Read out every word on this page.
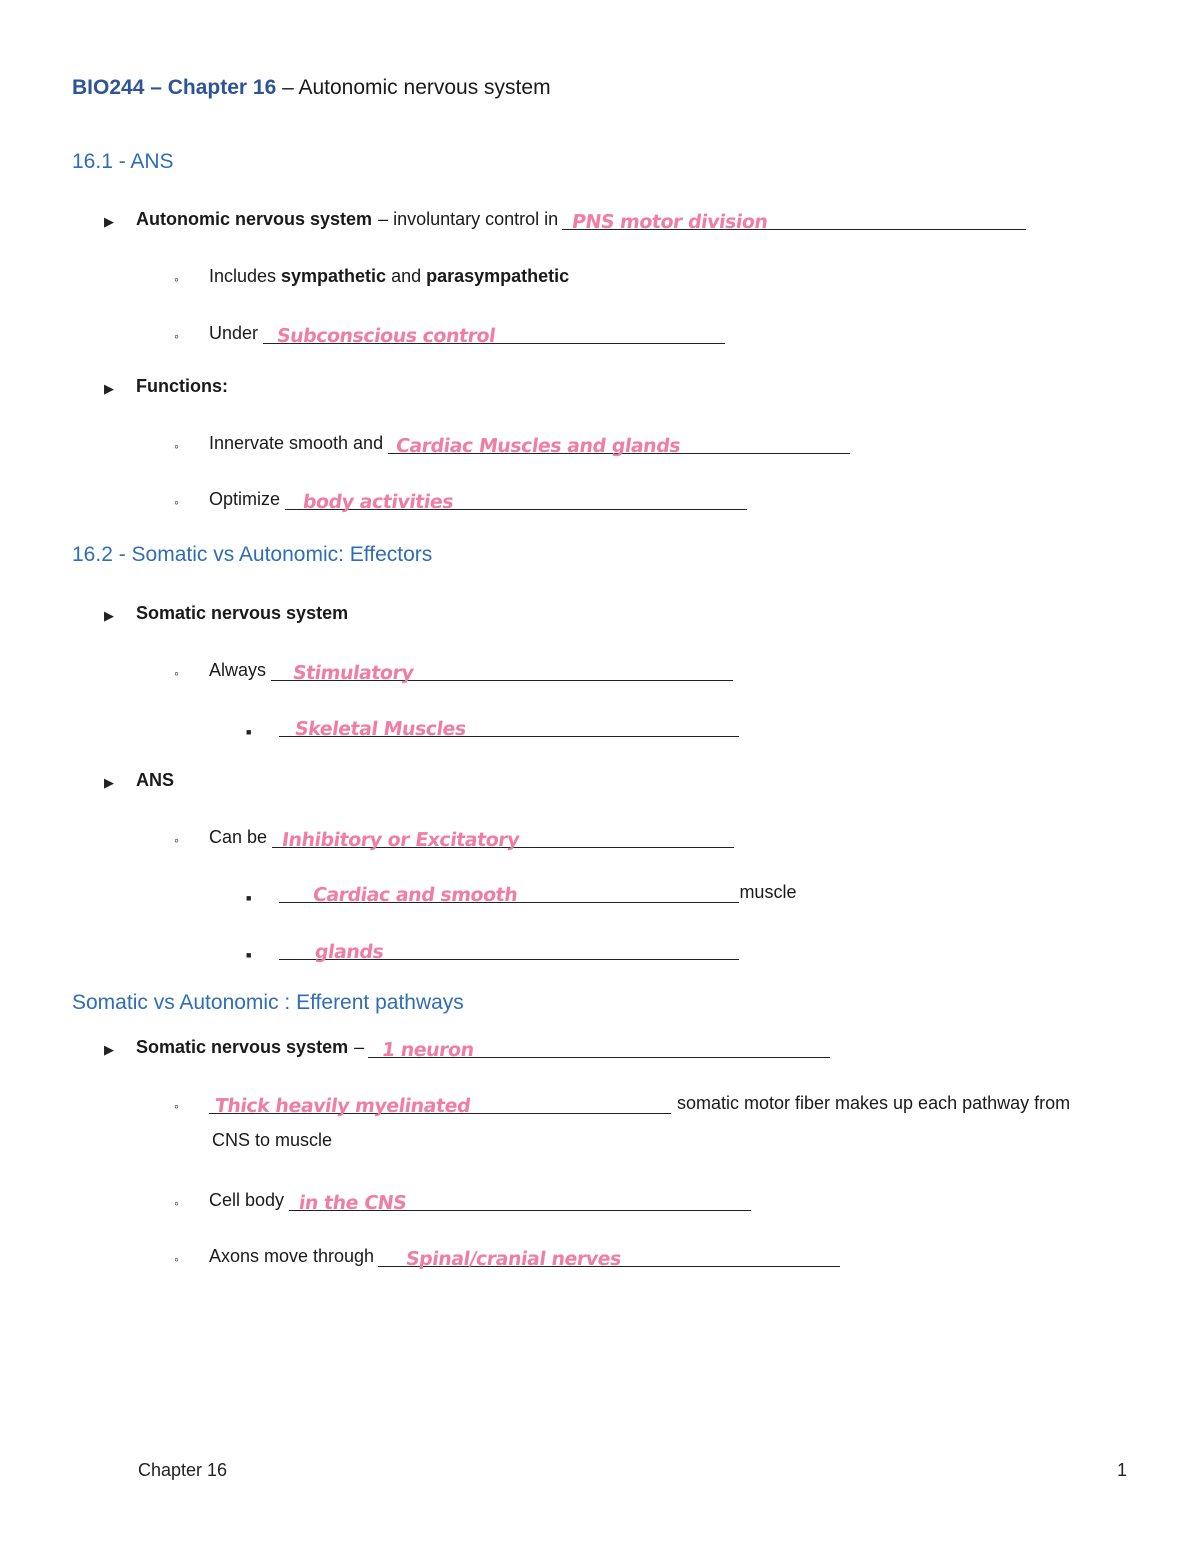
BIO244 – Chapter 16 – Autonomic nervous system
16.1 - ANS
▶ Autonomic nervous system – involuntary control in PNS motor division
◦ Includes sympathetic and parasympathetic
◦ Under Subconscious control
▶ Functions:
◦ Innervate smooth and Cardiac Muscles and glands
◦ Optimize body activities
16.2 - Somatic vs Autonomic: Effectors
▶ Somatic nervous system
◦ Always Stimulatory
■ Skeletal Muscles
▶ ANS
◦ Can be Inhibitory or Excitatory
■	Cardiac and smooth	muscle
■	glands
Somatic vs Autonomic : Efferent pathways
▶ Somatic nervous system – 1 neuron
◦ Thick heavily myelinated	somatic motor fiber makes up each pathway from
CNS to muscle
◦ Cell body in the CNS
◦ Axons move through Spinal/cranial nerves
Chapter 16	1
